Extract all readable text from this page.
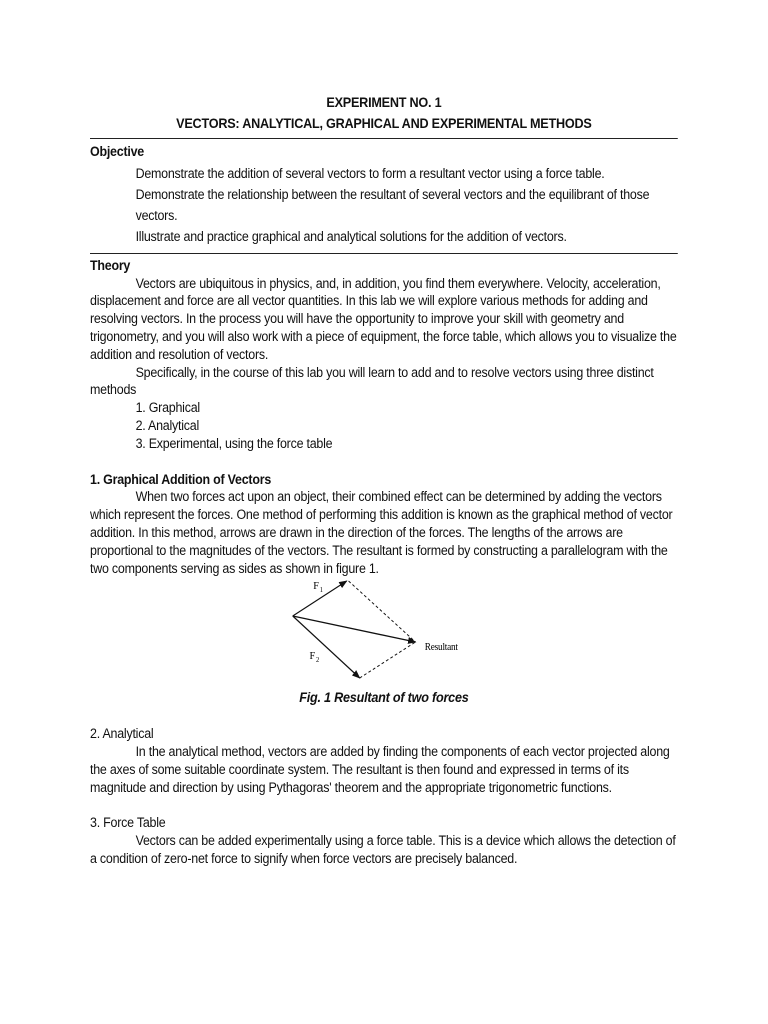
EXPERIMENT NO. 1
VECTORS: ANALYTICAL, GRAPHICAL AND EXPERIMENTAL METHODS
Objective

Demonstrate the addition of several vectors to form a resultant vector using a force table.

Demonstrate the relationship between the resultant of several vectors and the equilibrant of those vectors.

Illustrate and practice graphical and analytical solutions for the addition of vectors.

Theory

Vectors are ubiquitous in physics, and, in addition, you find them everywhere. Velocity, acceleration, displacement and force are all vector quantities. In this lab we will explore various methods for adding and resolving vectors. In the process you will have the opportunity to improve your skill with geometry and trigonometry, and you will also work with a piece of equipment, the force table, which allows you to visualize the addition and resolution of vectors.

Specifically, in the course of this lab you will learn to add and to resolve vectors using three distinct methods

1. Graphical

2. Analytical

3. Experimental, using the force table

1. Graphical Addition of Vectors

When two forces act upon an object, their combined effect can be determined by adding the vectors which represent the forces. One method of performing this addition is known as the graphical method of vector addition. In this method, arrows are drawn in the direction of the forces. The lengths of the arrows are proportional to the magnitudes of the vectors. The resultant is formed by constructing a parallelogram with the two components serving as sides as shown in figure 1.

F 1
F 2
Resultant
Fig. 1 Resultant of two forces
2. Analytical

In the analytical method, vectors are added by finding the components of each vector projected along the axes of some suitable coordinate system. The resultant is then found and expressed in terms of its magnitude and direction by using Pythagoras' theorem and the appropriate trigonometric functions.

3. Force Table

Vectors can be added experimentally using a force table. This is a device which allows the detection of a condition of zero-net force to signify when force vectors are precisely balanced.
